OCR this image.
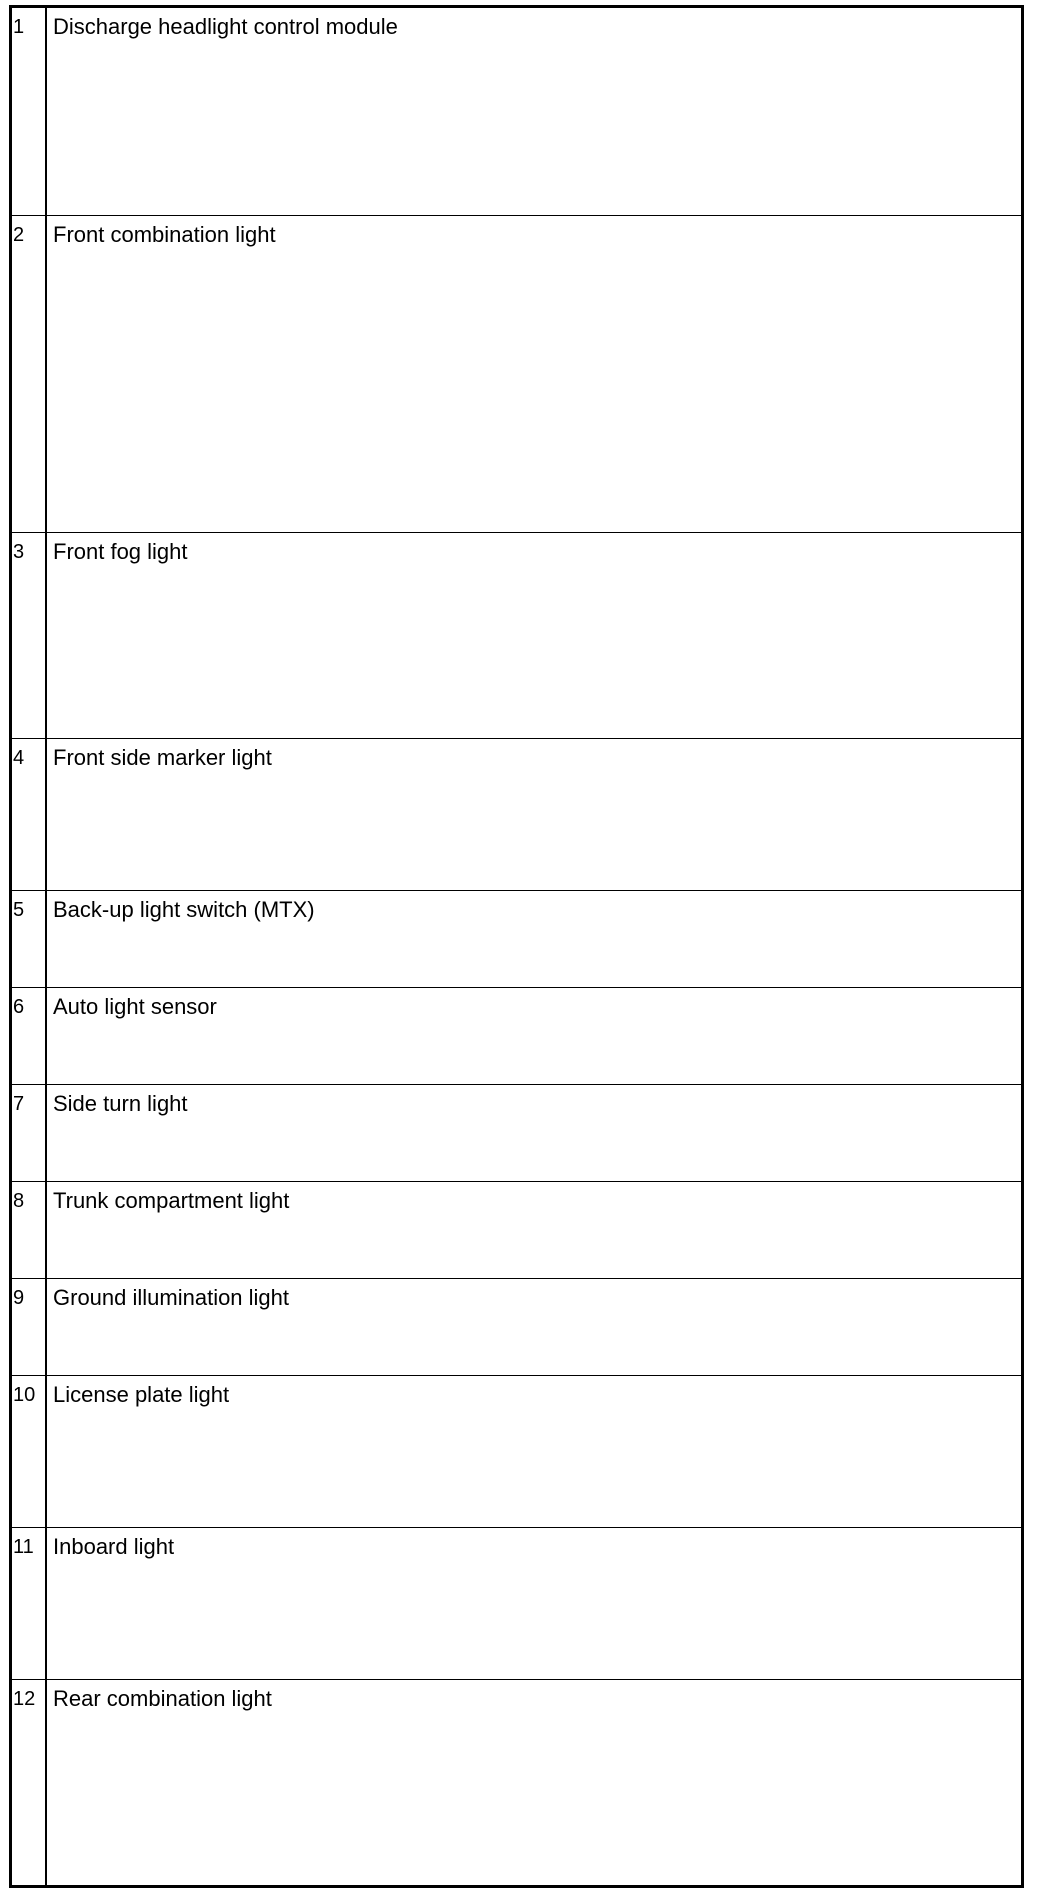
1	Discharge headlight control module
2	Front combination light
3	Front fog light
4	Front side marker light
5	Back-up light switch (MTX)
6	Auto light sensor
7	Side turn light
8	Trunk compartment light
9	Ground illumination light
10 License plate light
11 Inboard light
12 Rear combination light
